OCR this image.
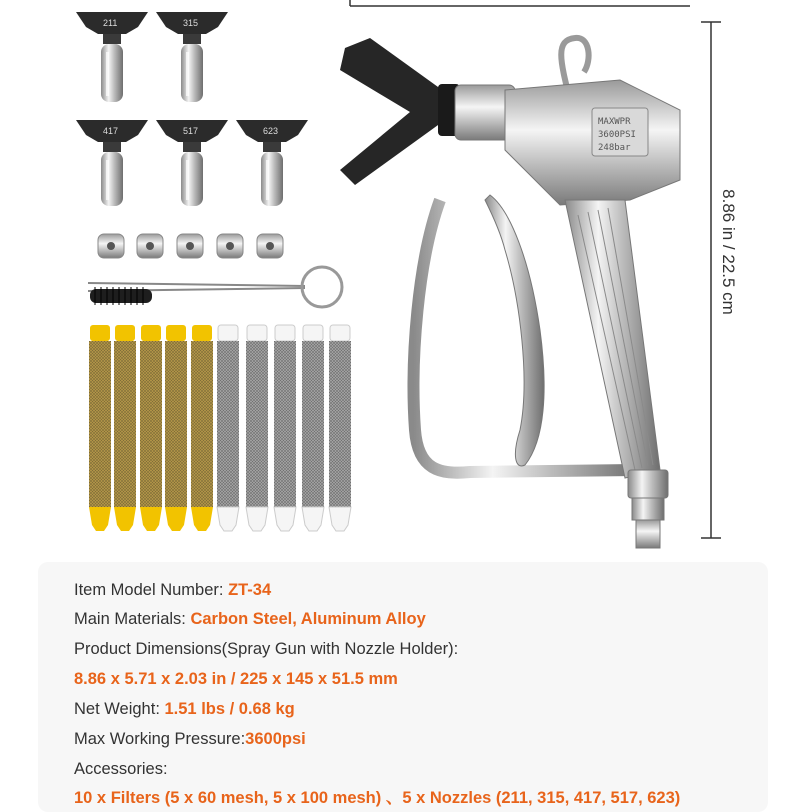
211	315
417	517	623
MAXWPR
3600PSI
248bar
8.86 in / 22.5 cm
Item Model Number: ZT-34
Main Materials: Carbon Steel, Aluminum Alloy
Product Dimensions(Spray Gun with Nozzle Holder):
8.86 x 5.71 x 2.03 in / 225 x 145 x 51.5 mm
Net Weight: 1.51 lbs / 0.68 kg
Max Working Pressure:3600psi
Accessories:
10 x Filters (5 x 60 mesh, 5 x 100 mesh) 、5 x Nozzles (211, 315, 417, 517, 623)
